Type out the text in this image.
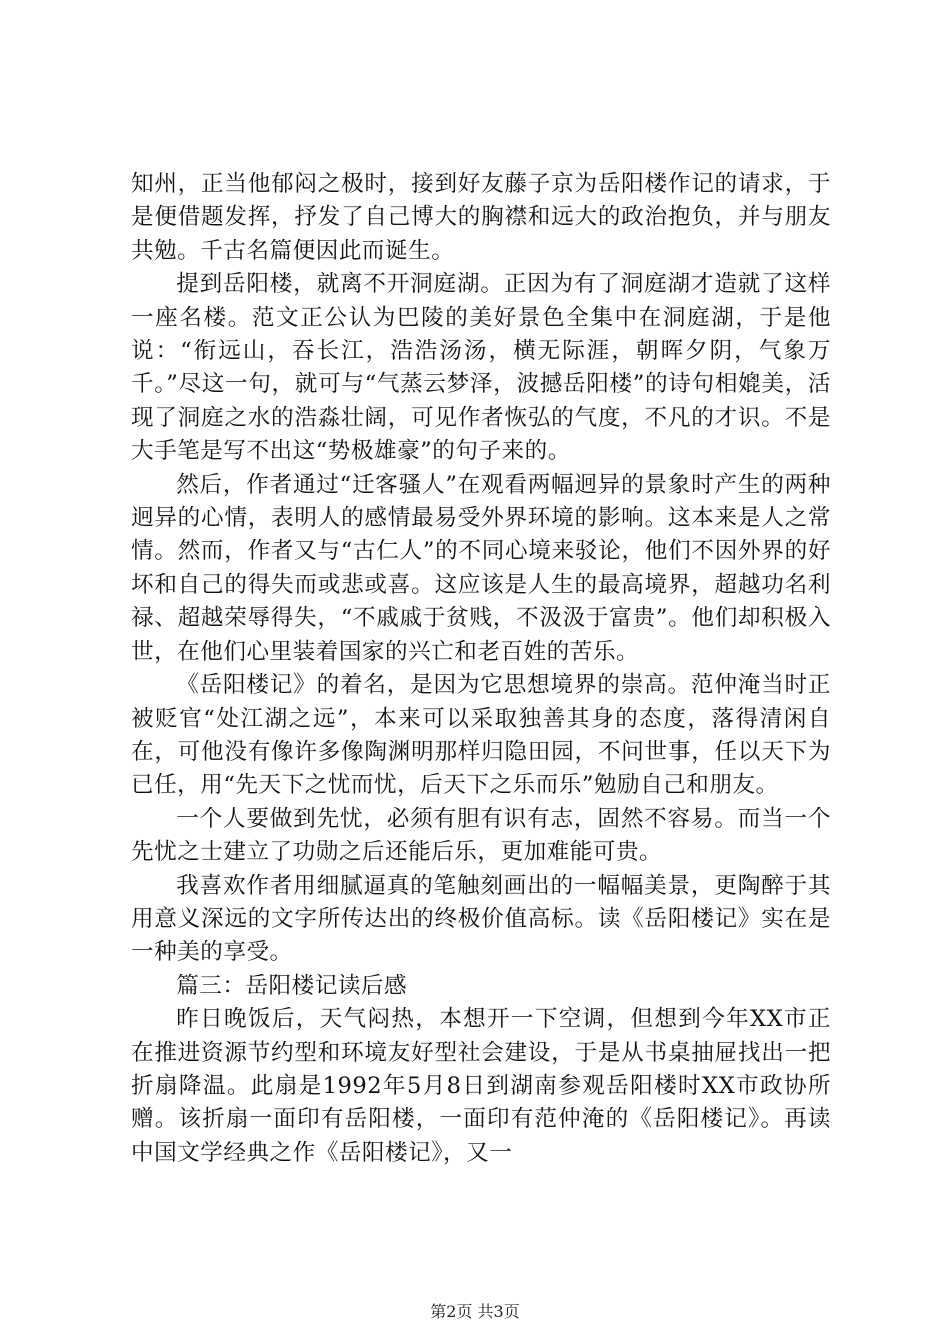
知州，正当他郁闷之极时，接到好友藤子京为岳阳楼作记的请求，于是便借题发挥，抒发了自己博大的胸襟和远大的政治抱负，并与朋友共勉。千古名篇便因此而诞生。

提到岳阳楼，就离不开洞庭湖。正因为有了洞庭湖才造就了这样一座名楼。范文正公认为巴陵的美好景色全集中在洞庭湖，于是他说：“衔远山，吞长江，浩浩汤汤，横无际涯，朝晖夕阴，气象万千。”尽这一句，就可与“气蒸云梦泽，波撼岳阳楼”的诗句相媲美，活现了洞庭之水的浩淼壮阔，可见作者恢弘的气度，不凡的才识。不是大手笔是写不出这“势极雄豪”的句子来的。

然后，作者通过“迁客骚人”在观看两幅迥异的景象时产生的两种迥异的心情，表明人的感情最易受外界环境的影响。这本来是人之常情。然而，作者又与“古仁人”的不同心境来驳论，他们不因外界的好坏和自己的得失而或悲或喜。这应该是人生的最高境界，超越功名利禄、超越荣辱得失，“不戚戚于贫贱，不汲汲于富贵”。他们却积极入世，在他们心里装着国家的兴亡和老百姓的苦乐。

《岳阳楼记》的着名，是因为它思想境界的崇高。范仲淹当时正被贬官“处江湖之远”，本来可以采取独善其身的态度，落得清闲自在，可他没有像许多像陶渊明那样归隐田园，不问世事，任以天下为已任，用“先天下之忧而忧，后天下之乐而乐”勉励自己和朋友。

一个人要做到先忧，必须有胆有识有志，固然不容易。而当一个先忧之士建立了功勋之后还能后乐，更加难能可贵。

我喜欢作者用细腻逼真的笔触刻画出的一幅幅美景，更陶醉于其用意义深远的文字所传达出的终极价值高标。读《岳阳楼记》实在是一种美的享受。

篇三：岳阳楼记读后感

昨日晚饭后，天气闷热，本想开一下空调，但想到今年XX市正在推进资源节约型和环境友好型社会建设，于是从书桌抽屉找出一把折扇降温。此扇是1992年5月8日到湖南参观岳阳楼时XX市政协所赠。该折扇一面印有岳阳楼，一面印有范仲淹的《岳阳楼记》。再读中国文学经典之作《岳阳楼记》，又一

第2页 共3页
